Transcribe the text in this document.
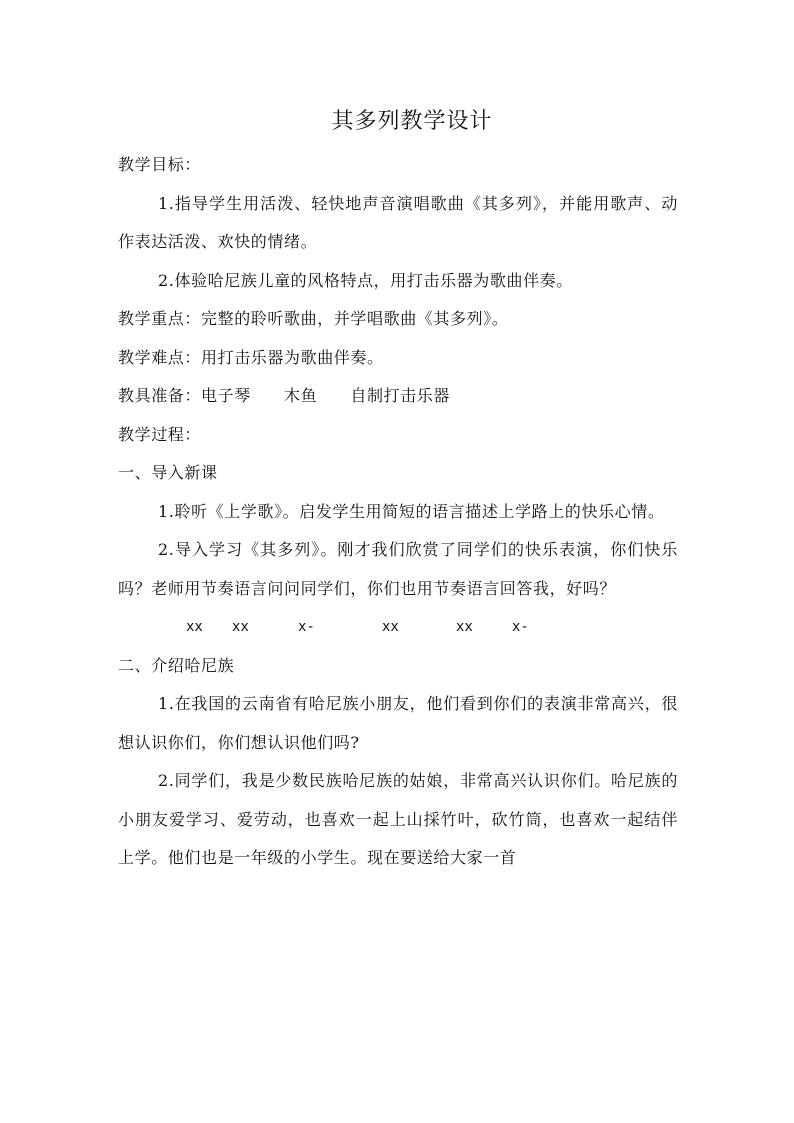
其多列教学设计

教学目标：

1.指导学生用活泼、轻快地声音演唱歌曲《其多列》，并能用歌声、动作表达活泼、欢快的情绪。

2.体验哈尼族儿童的风格特点，用打击乐器为歌曲伴奏。

教学重点：完整的聆听歌曲，并学唱歌曲《其多列》。

教学难点：用打击乐器为歌曲伴奏。

教具准备：电子琴　　木鱼　　自制打击乐器

教学过程：

一、导入新课

1.聆听《上学歌》。启发学生用简短的语言描述上学路上的快乐心情。

2.导入学习《其多列》。刚才我们欣赏了同学们的快乐表演，你们快乐吗？老师用节奏语言问问同学们，你们也用节奏语言回答我，好吗？

xx xx	x-	xx	xx	x-

二、介绍哈尼族

1.在我国的云南省有哈尼族小朋友，他们看到你们的表演非常高兴，很想认识你们，你们想认识他们吗?

2.同学们，我是少数民族哈尼族的姑娘，非常高兴认识你们。哈尼族的小朋友爱学习、爱劳动，也喜欢一起上山採竹叶，砍竹筒，也喜欢一起结伴上学。他们也是一年级的小学生。现在要送给大家一首
